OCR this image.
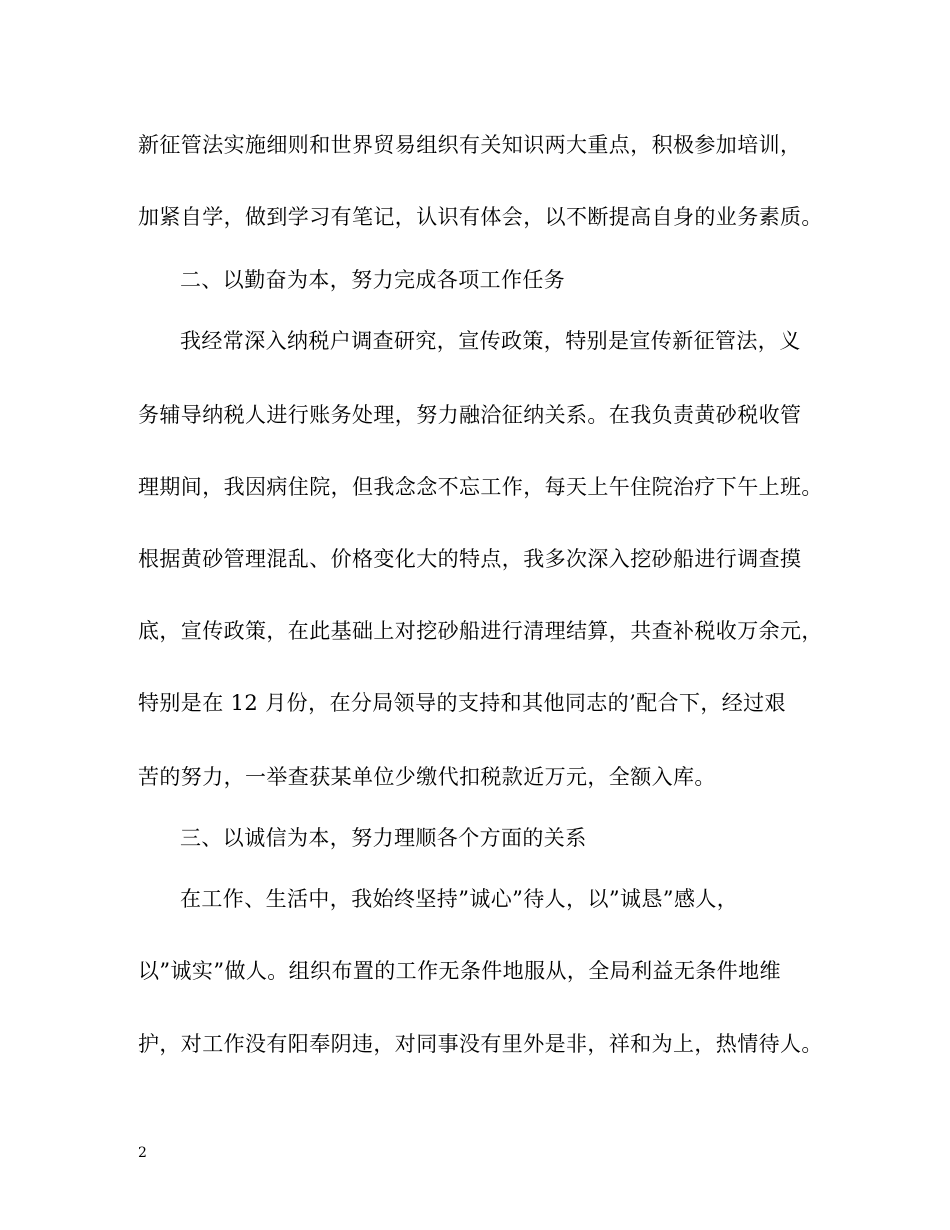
新征管法实施细则和世界贸易组织有关知识两大重点，积极参加培训，
加紧自学，做到学习有笔记，认识有体会，以不断提高自身的业务素质。
二、以勤奋为本，努力完成各项工作任务
我经常深入纳税户调查研究，宣传政策，特别是宣传新征管法，义
务辅导纳税人进行账务处理，努力融洽征纳关系。在我负责黄砂税收管
理期间，我因病住院，但我念念不忘工作，每天上午住院治疗下午上班。
根据黄砂管理混乱、价格变化大的特点，我多次深入挖砂船进行调查摸
底，宣传政策，在此基础上对挖砂船进行清理结算，共查补税收万余元，
特别是在 12 月份，在分局领导的支持和其他同志的’配合下，经过艰
苦的努力，一举查获某单位少缴代扣税款近万元，全额入库。
三、以诚信为本，努力理顺各个方面的关系
在工作、生活中，我始终坚持”诚心”待人，以”诚恳”感人，
以”诚实”做人。组织布置的工作无条件地服从，全局利益无条件地维
护，对工作没有阳奉阴违，对同事没有里外是非，祥和为上，热情待人。
2
